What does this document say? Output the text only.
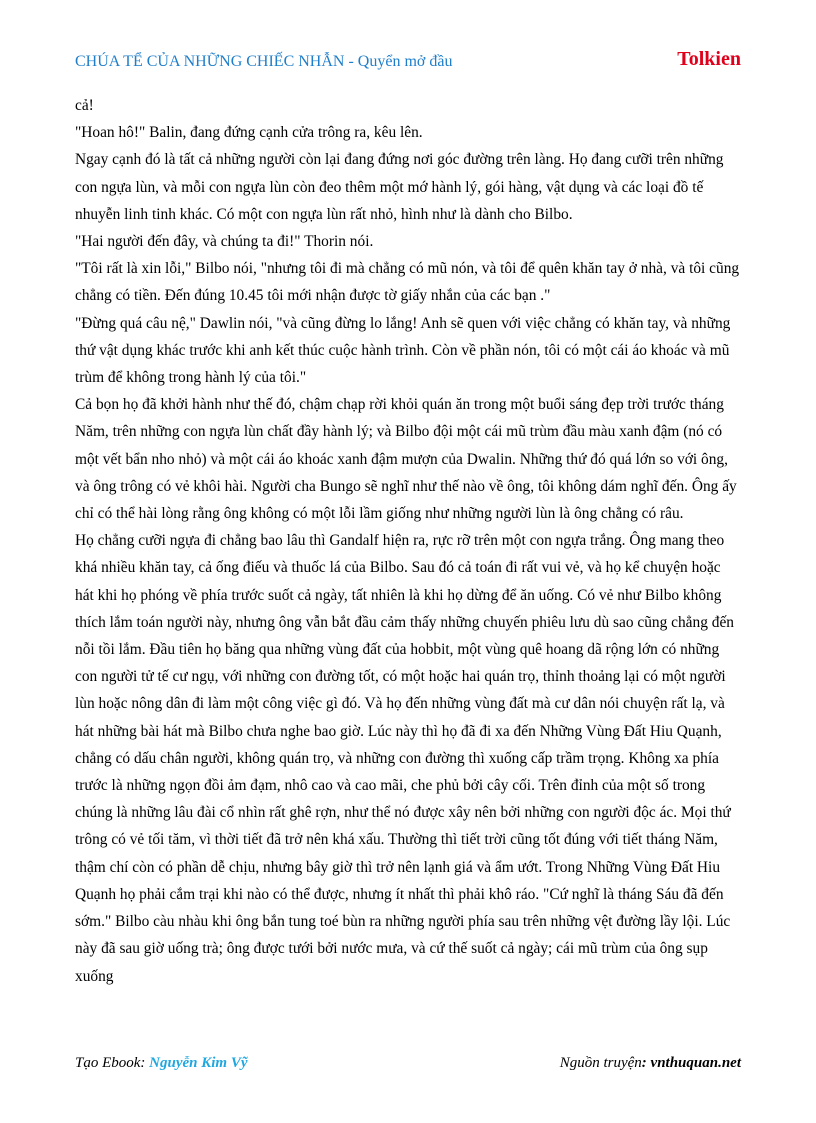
CHÚA TỂ CỦA NHỮNG CHIẾC NHẪN - Quyển mở đầu	Tolkien

cả!

"Hoan hô!" Balin, đang đứng cạnh cửa trông ra, kêu lên.

Ngay cạnh đó là tất cả những người còn lại đang đứng nơi góc đường trên làng. Họ đang cưỡi trên những con ngựa lùn, và mỗi con ngựa lùn còn đeo thêm một mớ hành lý, gói hàng, vật dụng và các loại đồ tế nhuyễn linh tinh khác. Có một con ngựa lùn rất nhỏ, hình như là dành cho Bilbo.

"Hai người đến đây, và chúng ta đi!" Thorin nói.

"Tôi rất là xin lỗi," Bilbo nói, "nhưng tôi đi mà chẳng có mũ nón, và tôi để quên khăn tay ở nhà, và tôi cũng chẳng có tiền. Đến đúng 10.45 tôi mới nhận được tờ giấy nhắn của các bạn ."

"Đừng quá câu nệ," Dawlin nói, "và cũng đừng lo lắng! Anh sẽ quen với việc chẳng có khăn tay, và những thứ vật dụng khác trước khi anh kết thúc cuộc hành trình. Còn về phần nón, tôi có một cái áo khoác và mũ trùm để không trong hành lý của tôi."

Cả bọn họ đã khởi hành như thế đó, chậm chạp rời khỏi quán ăn trong một buổi sáng đẹp trời trước tháng Năm, trên những con ngựa lùn chất đầy hành lý; và Bilbo đội một cái mũ trùm đầu màu xanh đậm (nó có một vết bẩn nho nhỏ) và một cái áo khoác xanh đậm mượn của Dwalin. Những thứ đó quá lớn so với ông, và ông trông có vẻ khôi hài. Người cha Bungo sẽ nghĩ như thế nào về ông, tôi không dám nghĩ đến. Ông ấy chỉ có thể hài lòng rằng ông không có một lỗi lầm giống như những người lùn là ông chẳng có râu.

Họ chẳng cưỡi ngựa đi chẳng bao lâu thì Gandalf hiện ra, rực rỡ trên một con ngựa trắng. Ông mang theo khá nhiều khăn tay, cả ống điếu và thuốc lá của Bilbo. Sau đó cả toán đi rất vui vẻ, và họ kể chuyện hoặc hát khi họ phóng về phía trước suốt cả ngày, tất nhiên là khi họ dừng để ăn uống. Có vẻ như Bilbo không thích lắm toán người này, nhưng ông vẫn bắt đầu cảm thấy những chuyến phiêu lưu dù sao cũng chẳng đến nỗi tồi lắm. Đầu tiên họ băng qua những vùng đất của hobbit, một vùng quê hoang dã rộng lớn có những con người tử tế cư ngụ, với những con đường tốt, có một hoặc hai quán trọ, thỉnh thoảng lại có một người lùn hoặc nông dân đi làm một công việc gì đó. Và họ đến những vùng đất mà cư dân nói chuyện rất lạ, và hát những bài hát mà Bilbo chưa nghe bao giờ. Lúc này thì họ đã đi xa đến Những Vùng Đất Hiu Quạnh, chẳng có dấu chân người, không quán trọ, và những con đường thì xuống cấp trầm trọng. Không xa phía trước là những ngọn đồi ảm đạm, nhô cao và cao mãi, che phủ bởi cây cối. Trên đỉnh của một số trong chúng là những lâu đài cổ nhìn rất ghê rợn, như thể nó được xây nên bởi những con người độc ác. Mọi thứ trông có vẻ tối tăm, vì thời tiết đã trở nên khá xấu. Thường thì tiết trời cũng tốt đúng với tiết tháng Năm, thậm chí còn có phần dễ chịu, nhưng bây giờ thì trở nên lạnh giá và ẩm ướt. Trong Những Vùng Đất Hiu Quạnh họ phải cắm trại khi nào có thể được, nhưng ít nhất thì phải khô ráo. "Cứ nghĩ là tháng Sáu đã đến sớm." Bilbo càu nhàu khi ông bắn tung toé bùn ra những người phía sau trên những vệt đường lầy lội. Lúc này đã sau giờ uống trà; ông được tưới bởi nước mưa, và cứ thế suốt cả ngày; cái mũ trùm của ông sụp xuống

Tạo Ebook: Nguyễn Kim Vỹ	Nguồn truyện: vnthuquan.net
